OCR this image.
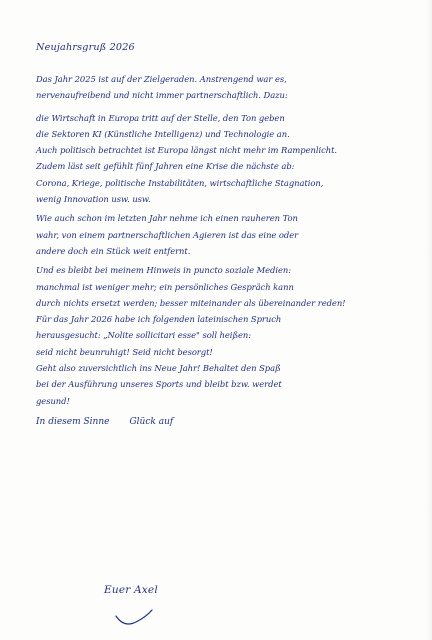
Neujahrsgruß 2026
Das Jahr 2025 ist auf der Zielgeraden. Anstrengend war es,
nervenaufreibend und nicht immer partnerschaftlich. Dazu:
die Wirtschaft in Europa tritt auf der Stelle, den Ton geben
die Sektoren KI (Künstliche Intelligenz) und Technologie an.
Auch politisch betrachtet ist Europa längst nicht mehr im Rampenlicht.
Zudem läst seit gefühlt fünf Jahren eine Krise die nächste ab:
Corona, Kriege, politische Instabilitäten, wirtschaftliche Stagnation,
wenig Innovation usw. usw.
Wie auch schon im letzten Jahr nehme ich einen rauheren Ton
wahr, von einem partnerschaftlichen Agieren ist das eine oder
andere doch ein Stück weit entfernt.
Und es bleibt bei meinem Hinweis in puncto soziale Medien:
manchmal ist weniger mehr; ein persönliches Gespräch kann
durch nichts ersetzt werden; besser miteinander als übereinander reden!
Für das Jahr 2026 habe ich folgenden lateinischen Spruch
herausgesucht: „Nolite sollicitari esse" soll heißen:
seid nicht beunruhigt! Seid nicht besorgt!
Geht also zuversichtlich ins Neue Jahr! Behaltet den Spaß
bei der Ausführung unseres Sports und bleibt bzw. werdet
gesund!
In diesem Sinne Glück auf
Euer Axel
